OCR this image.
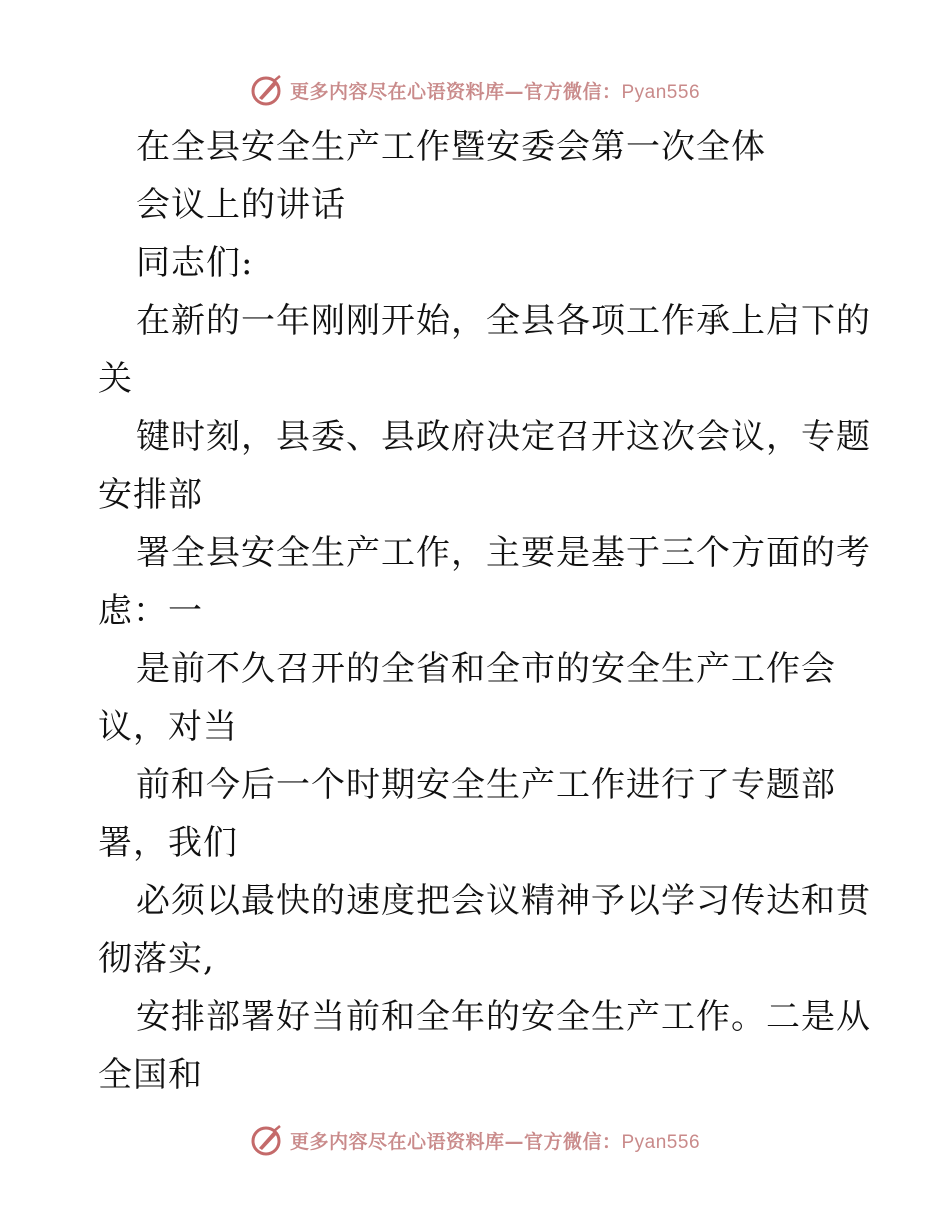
更多内容尽在心语资料库—官方微信：Pyan556
在全县安全生产工作暨安委会第一次全体
会议上的讲话
同志们:
在新的一年刚刚开始，全县各项工作承上启下的
关
键时刻，县委、县政府决定召开这次会议，专题
安排部
署全县安全生产工作，主要是基于三个方面的考
虑：一
是前不久召开的全省和全市的安全生产工作会
议，对当
前和今后一个时期安全生产工作进行了专题部
署，我们
必须以最快的速度把会议精神予以学习传达和贯
彻落实,
安排部署好当前和全年的安全生产工作。二是从
全国和
更多内容尽在心语资料库—官方微信：Pyan556
